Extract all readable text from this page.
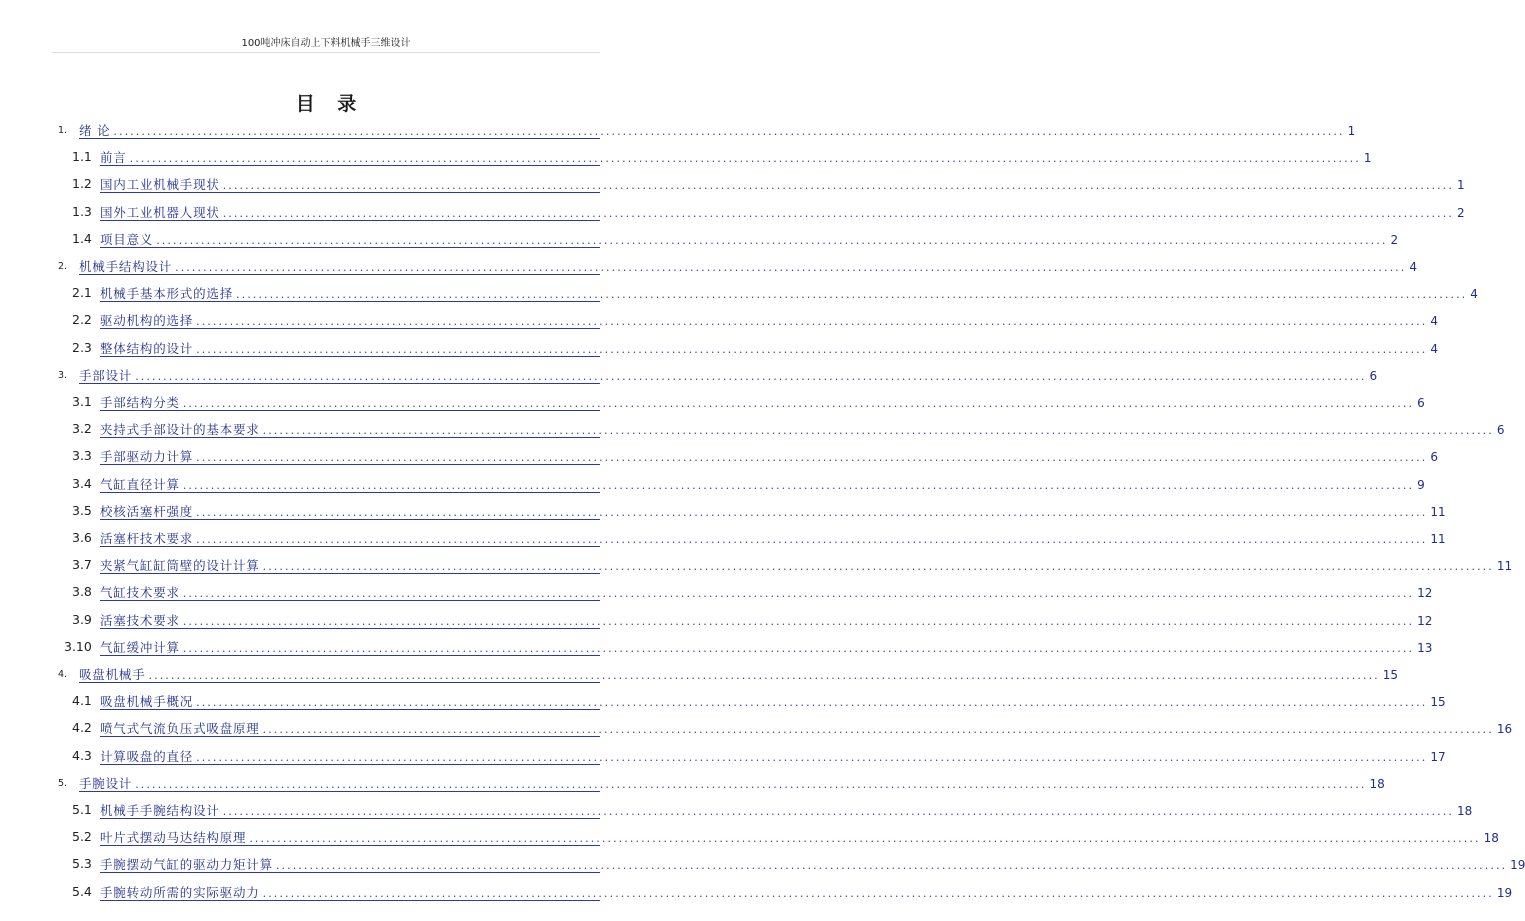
100吨冲床自动上下料机械手三维设计
目 录
1. 绪 论 ............................................................................................................................................................................................................................ 1
1.1 前言 ............................................................................................................................................................................................................................ 1
1.2 国内工业机械手现状 ............................................................................................................................................................................................................................ 1
1.3 国外工业机器人现状 ............................................................................................................................................................................................................................ 2
1.4 项目意义 ............................................................................................................................................................................................................................ 2
2. 机械手结构设计 ............................................................................................................................................................................................................................ 4
2.1 机械手基本形式的选择 ............................................................................................................................................................................................................................ 4
2.2 驱动机构的选择 ............................................................................................................................................................................................................................ 4
2.3 整体结构的设计 ............................................................................................................................................................................................................................ 4
3. 手部设计 ............................................................................................................................................................................................................................ 6
3.1 手部结构分类 ............................................................................................................................................................................................................................ 6
3.2 夹持式手部设计的基本要求 ............................................................................................................................................................................................................................ 6
3.3 手部驱动力计算 ............................................................................................................................................................................................................................ 6
3.4 气缸直径计算 ............................................................................................................................................................................................................................ 9
3.5 校核活塞杆强度 ............................................................................................................................................................................................................................ 11
3.6 活塞杆技术要求 ............................................................................................................................................................................................................................ 11
3.7 夹紧气缸缸筒壁的设计计算 ............................................................................................................................................................................................................................ 11
3.8 气缸技术要求 ............................................................................................................................................................................................................................ 12
3.9 活塞技术要求 ............................................................................................................................................................................................................................ 12
3.10 气缸缓冲计算 ............................................................................................................................................................................................................................ 13
4. 吸盘机械手 ............................................................................................................................................................................................................................ 15
4.1 吸盘机械手概况 ............................................................................................................................................................................................................................ 15
4.2 喷气式气流负压式吸盘原理 ............................................................................................................................................................................................................................ 16
4.3 计算吸盘的直径 ............................................................................................................................................................................................................................ 17
5. 手腕设计 ............................................................................................................................................................................................................................ 18
5.1 机械手手腕结构设计 ............................................................................................................................................................................................................................ 18
5.2 叶片式摆动马达结构原理 ............................................................................................................................................................................................................................ 18
5.3 手腕摆动气缸的驱动力矩计算 ............................................................................................................................................................................................................................ 19
5.4 手腕转动所需的实际驱动力 ............................................................................................................................................................................................................................ 19
